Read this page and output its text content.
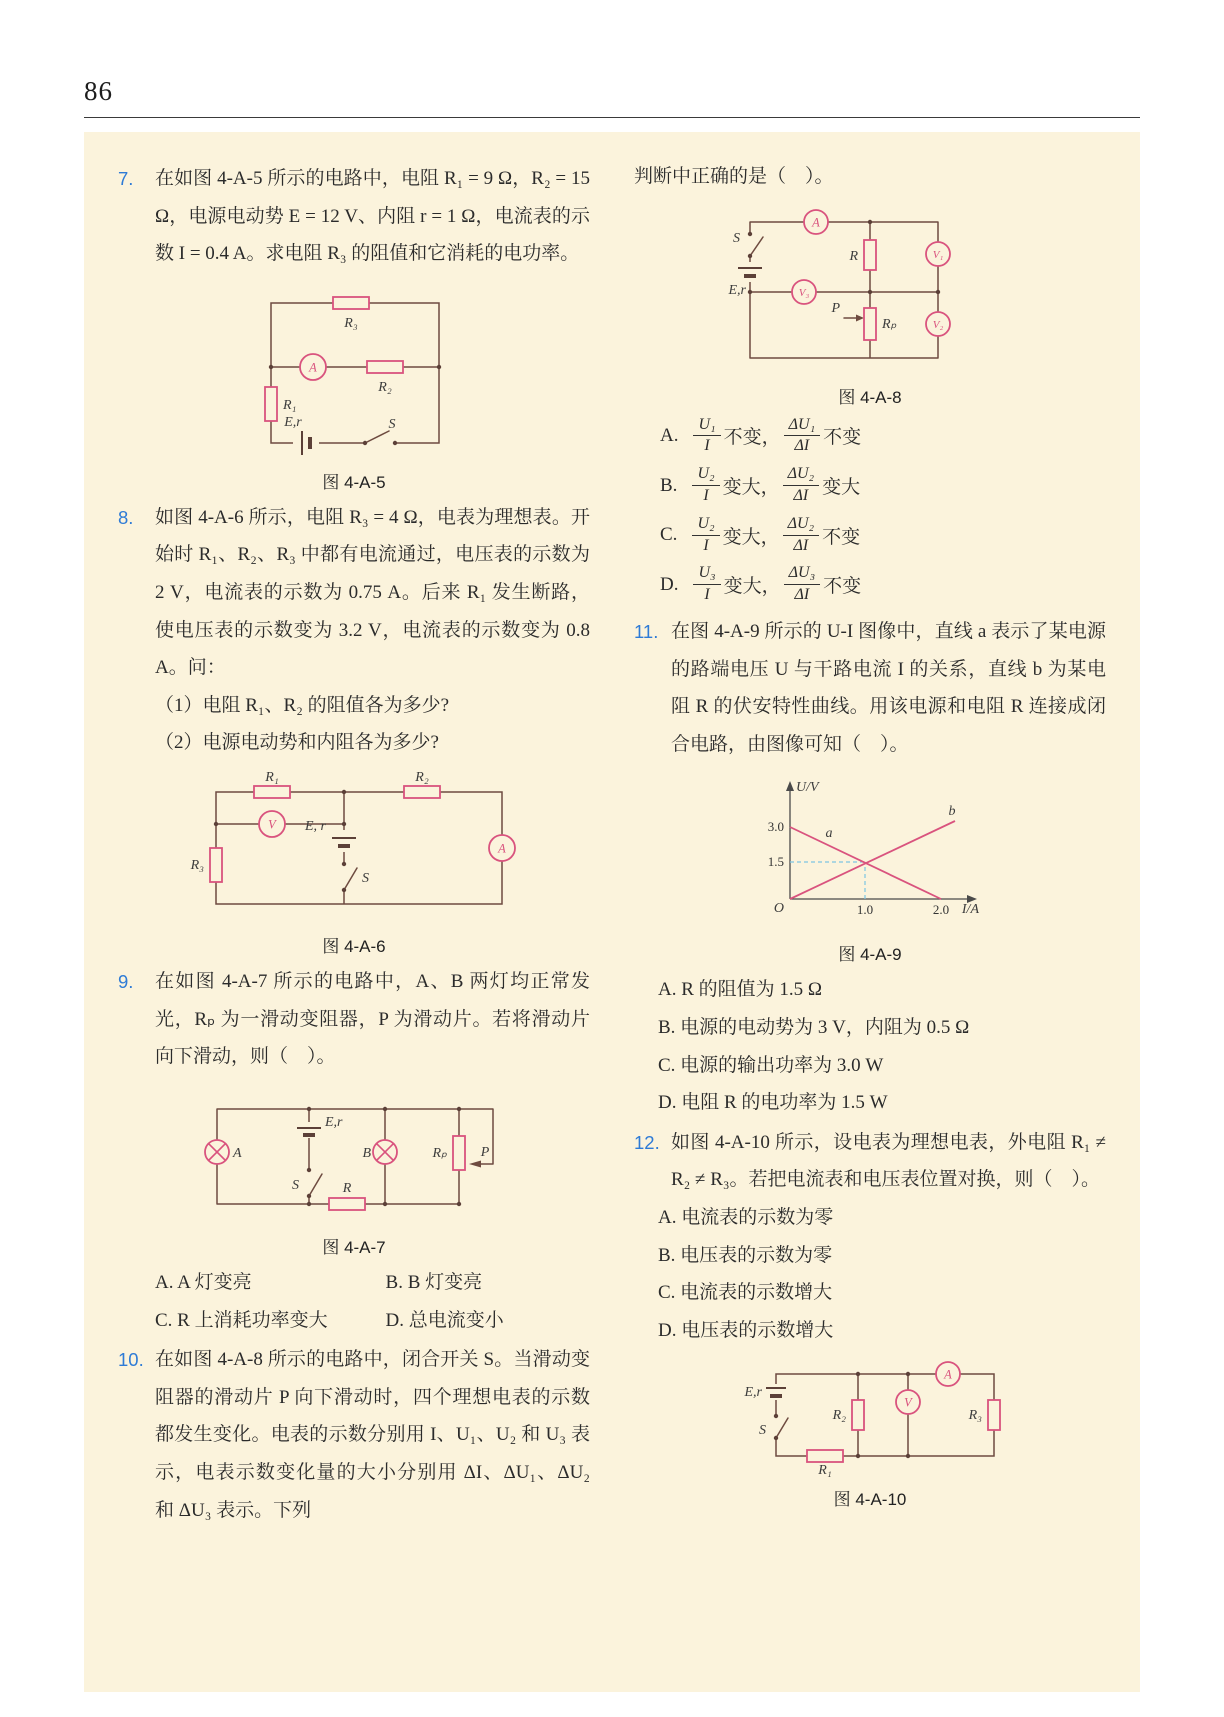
86
7.	在如图 4-A-5 所示的电路中，电阻 R₁ = 9 Ω，R₂ = 15 Ω，电源电动势 E = 12 V、内阻 r = 1 Ω，电流表的示数 I = 0.4 A。求电阻 R₃ 的阻值和它消耗的电功率。
R₃
A
R₂
R₁
E,r	S
图 4-A-5
8.	如图 4-A-6 所示，电阻 R₃ = 4 Ω，电表为理想表。开始时 R₁、R₂、R₃ 中都有电流通过，电压表的示数为 2 V，电流表的示数为 0.75 A。后来 R₁ 发生断路，使电压表的示数变为 3.2 V，电流表的示数变为 0.8 A。问：
（1）电阻 R₁、R₂ 的阻值各为多少?
（2）电源电动势和内阻各为多少?
R₁	R₂
V E, r
S
R₃
A
图 4-A-6
9.	在如图 4-A-7 所示的电路中，A、B 两灯均正常发光，Rₚ 为一滑动变阻器，P 为滑动片。若将滑动片向下滑动，则（　）。
A
E,r
S
B	Rₚ P
R
图 4-A-7
A. A 灯变亮	B. B 灯变亮
C. R 上消耗功率变大	D. 总电流变小
10. 在如图 4-A-8 所示的电路中，闭合开关 S。当滑动变阻器的滑动片 P 向下滑动时，四个理想电表的示数都发生变化。电表的示数分别用 I、U₁、U₂ 和 U₃ 表示，电表示数变化量的大小分别用 ΔI、ΔU₁、ΔU₂ 和 ΔU₃ 表示。下列
判断中正确的是（　）。
S
E,r
A
R	V₁
V₃
P
Rₚ	V₂
图 4-A-8
A. $\frac{\text{U₁}}{I}$ 不变， $\frac{\text{ΔU₁}}{\Delta I}$ 不变
B. $\frac{\text{U₂}}{I}$ 变大， $\frac{\text{ΔU₂}}{\Delta I}$ 变大
C. $\frac{\text{U₂}}{I}$ 变大， $\frac{\text{ΔU₂}}{\Delta I}$ 不变
D. $\frac{\text{U₃}}{I}$ 变大， $\frac{\text{ΔU₃}}{\Delta I}$ 不变
11. 在图 4-A-9 所示的 U-I 图像中，直线 a 表示了某电源的路端电压 U 与干路电流 I 的关系，直线 b 为某电阻 R 的伏安特性曲线。用该电源和电阻 R 连接成闭合电路，由图像可知（　）。
U/V
I/A
3.0
1.5
O	1.0	2.0
a
b
图 4-A-9
A. R 的阻值为 1.5 Ω
B. 电源的电动势为 3 V，内阻为 0.5 Ω
C. 电源的输出功率为 3.0 W
D. 电阻 R 的电功率为 1.5 W
12. 如图 4-A-10 所示，设电表为理想电表，外电阻 R₁ ≠ R₂ ≠ R₃。若把电流表和电压表位置对换，则（　）。
A. 电流表的示数为零
B. 电压表的示数为零
C. 电流表的示数增大
D. 电压表的示数增大
E,r
S
R₁
R₂
V
A
R₃
图 4-A-10
